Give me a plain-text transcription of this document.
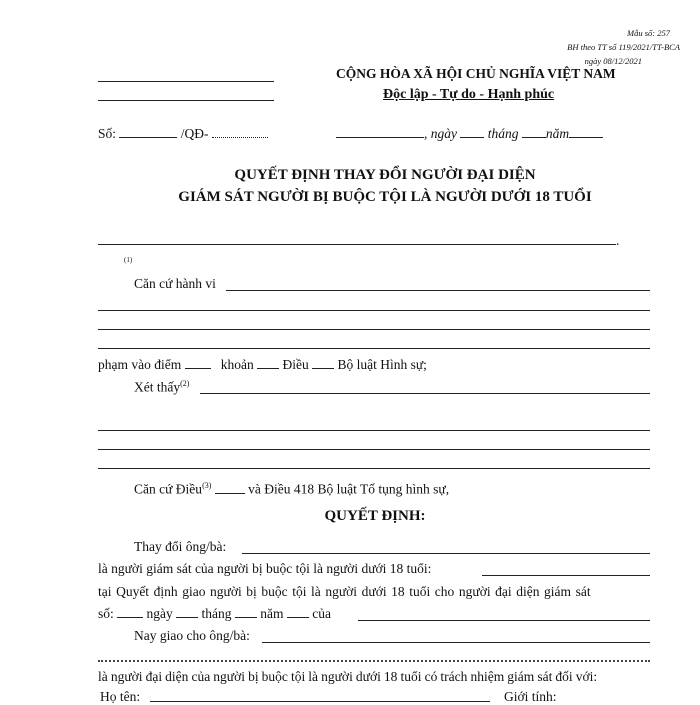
Mẫu số: 257
BH theo TT số 119/2021/TT-BCA
ngày 08/12/2021
CỘNG HÒA XÃ HỘI CHỦ NGHĨA VIỆT NAM
Độc lập - Tự do - Hạnh phúc
Số:	/QĐ-	, ngày tháng năm
QUYẾT ĐỊNH THAY ĐỔI NGƯỜI ĐẠI DIỆN
GIÁM SÁT NGƯỜI BỊ BUỘC TỘI LÀ NGƯỜI DƯỚI 18 TUỔI
.
(1)
Căn cứ hành vi
phạm vào điểm	khoản Điều Bộ luật Hình sự;
Xét thấy$^{(2)}$
Căn cứ Điều$^{(3)}$	và Điều 418 Bộ luật Tố tụng hình sự,
QUYẾT ĐỊNH:
Thay đổi ông/bà:
là người giám sát của người bị buộc tội là người dưới 18 tuổi:
tại Quyết định giao người bị buộc tội là người dưới 18 tuổi cho người đại diện giám sát
số: ngày tháng năm của
Nay giao cho ông/bà:
là người đại diện của người bị buộc tội là người dưới 18 tuổi có trách nhiệm giám sát đối với:
Họ tên:	Giới tính:
